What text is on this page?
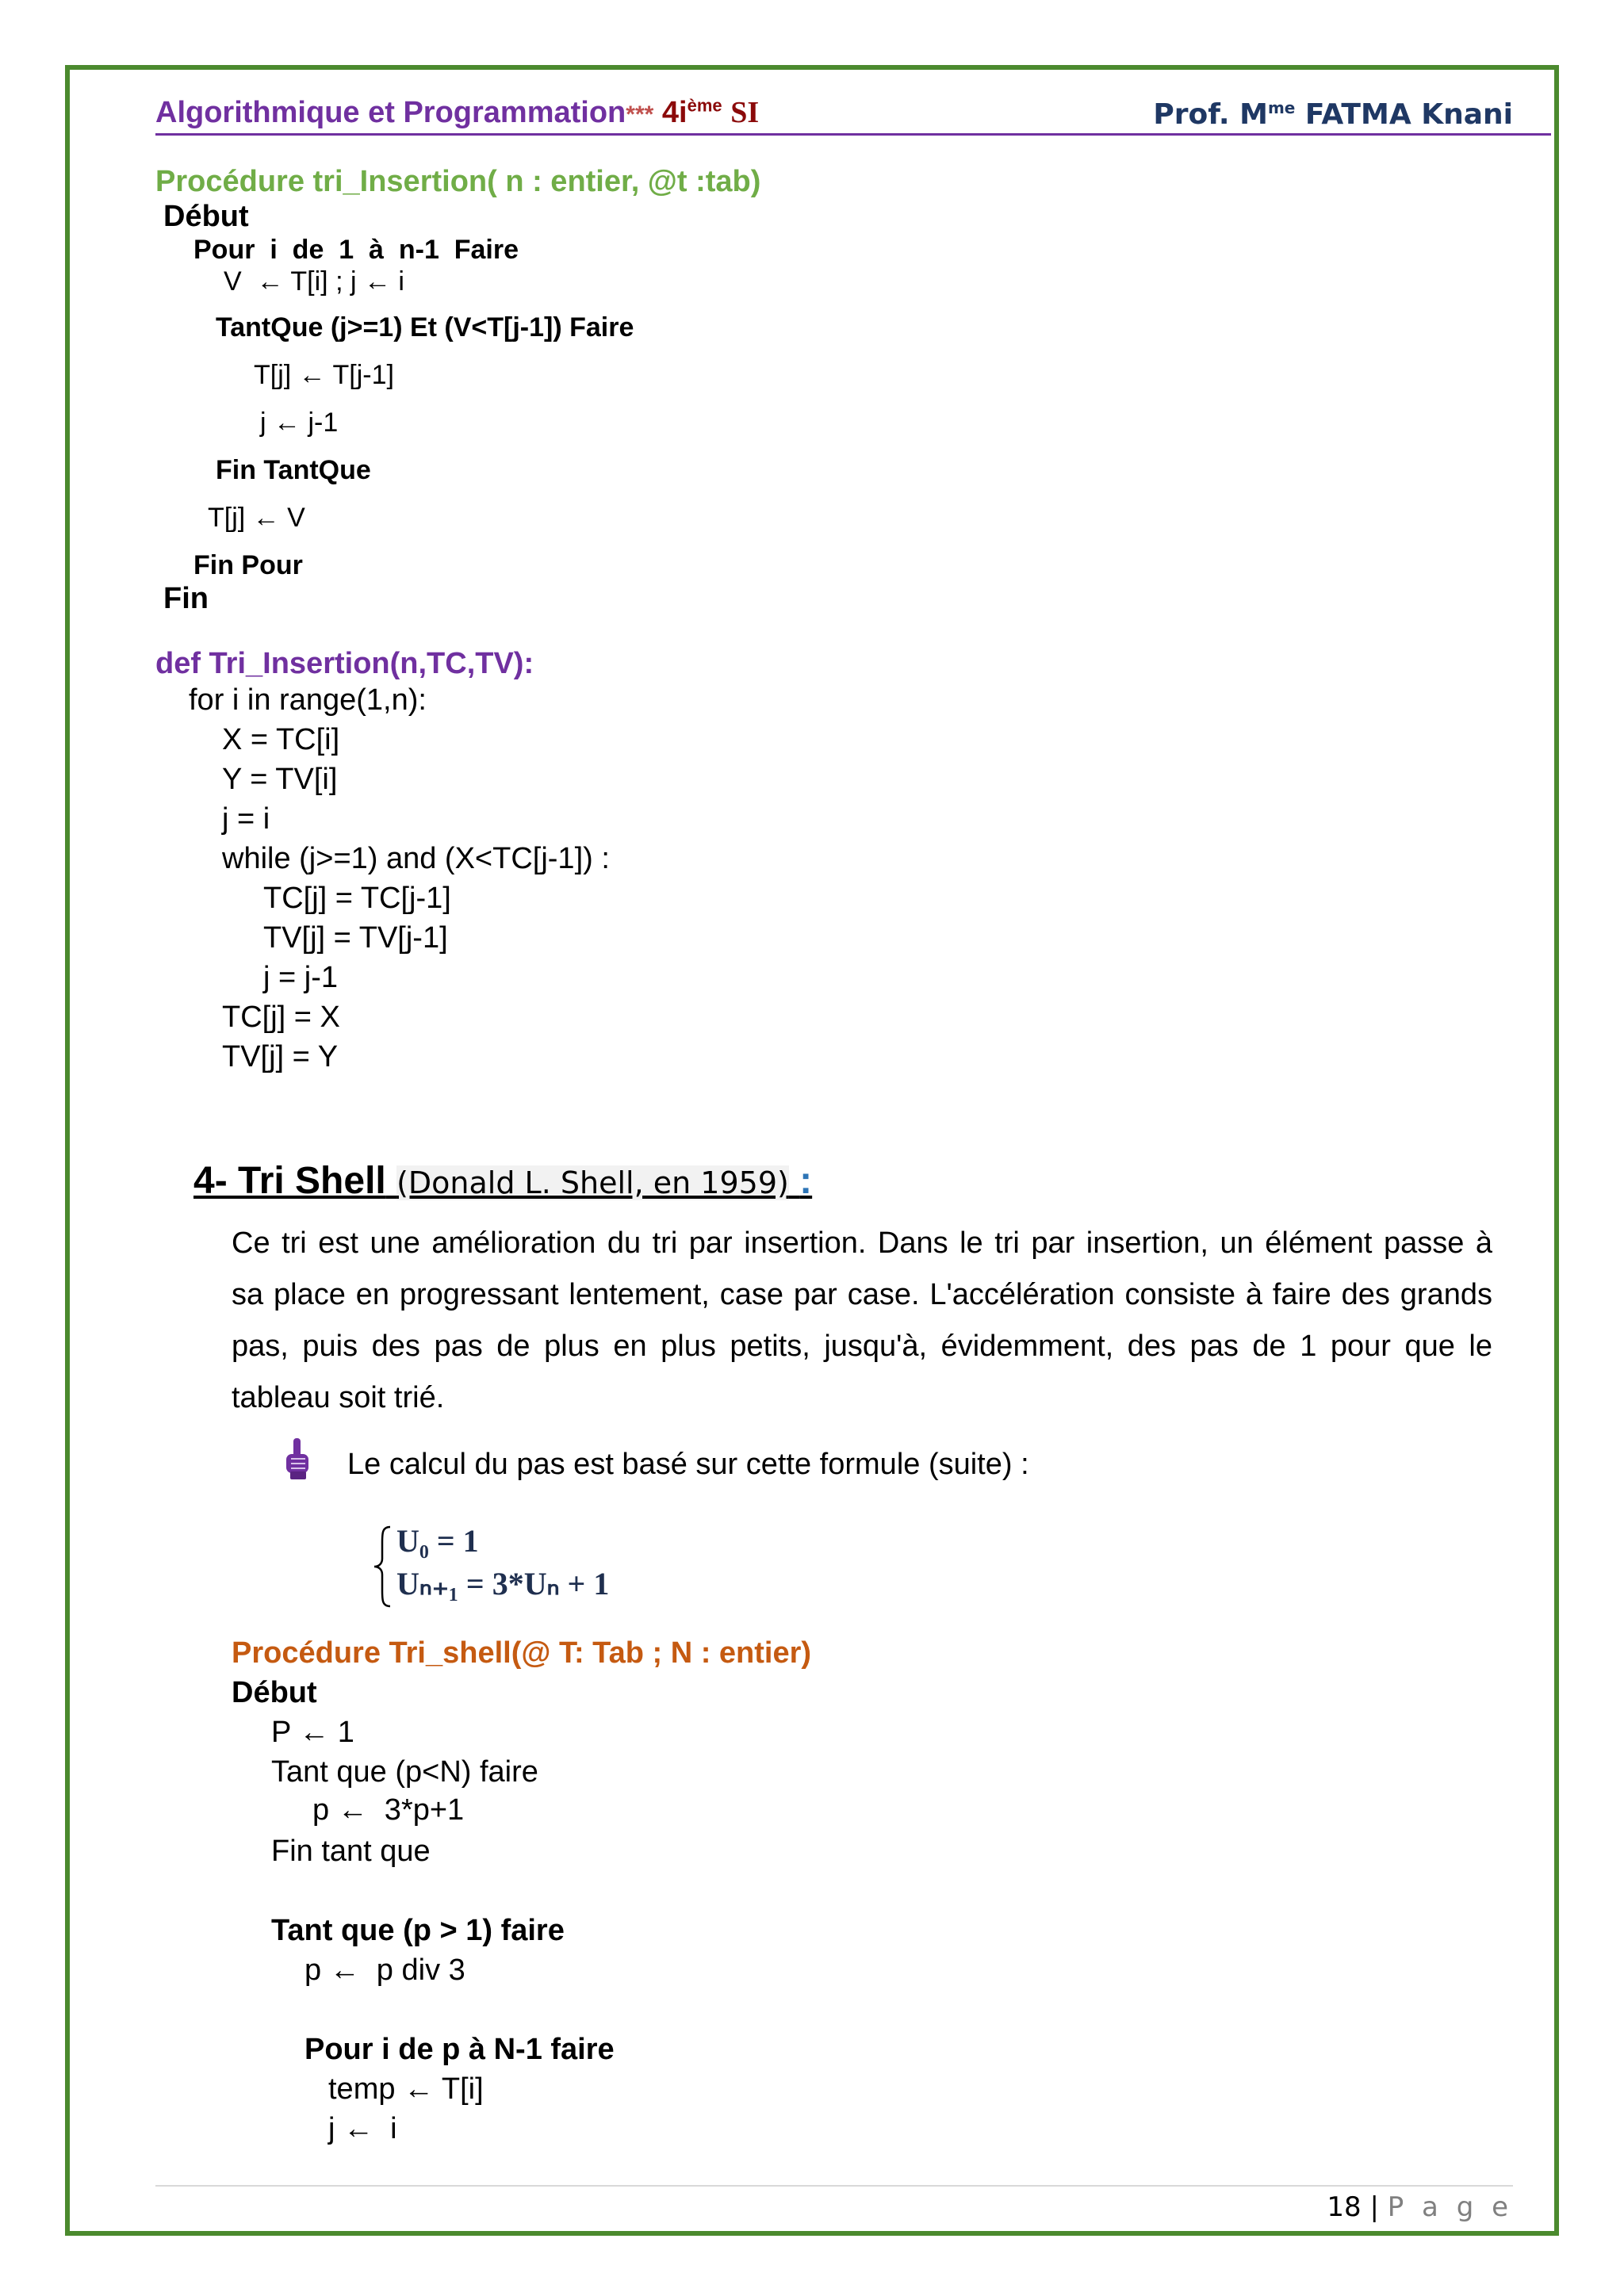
Algorithmique et Programmation*** $4i^{ème}$ SI	Prof. $M^{me}$ FATMA Knani
Procédure tri_Insertion( n : entier, @t :tab)
Début
Pour  i  de  1  à  n-1  Faire
V  ← T[i] ; j ← i
TantQue (j>=1) Et (V<T[j-1]) Faire
T[j] ← T[j-1]
j ← j-1
Fin TantQue
T[j] ← V
Fin Pour
Fin
def Tri_Insertion(n,TC,TV):
for i in range(1,n):
X = TC[i]
Y = TV[i]
j = i
while (j>=1) and (X<TC[j-1]) :
TC[j] = TC[j-1]
TV[j] = TV[j-1]
j = j-1
TC[j] = X
TV[j] = Y
4- Tri Shell (Donald L. Shell, en 1959) :
Ce tri est une amélioration du tri par insertion. Dans le tri par insertion, un élément passe à
sa place en progressant lentement, case par case. L'accélération consiste à faire des grands
pas, puis des pas de plus en plus petits, jusqu'à, évidemment, des pas de 1 pour que le
tableau soit trié.
Le calcul du pas est basé sur cette formule (suite) :
U₀ = 1
Uₙ₊₁ = 3*Uₙ + 1
Procédure Tri_shell(@ T: Tab ; N : entier)
Début
P ← 1
Tant que (p<N) faire
p ←  3*p+1
Fin tant que
Tant que (p > 1) faire
p ←  p div 3
Pour i de p à N-1 faire
temp ← T[i]
j ←  i
18 | P a g e
